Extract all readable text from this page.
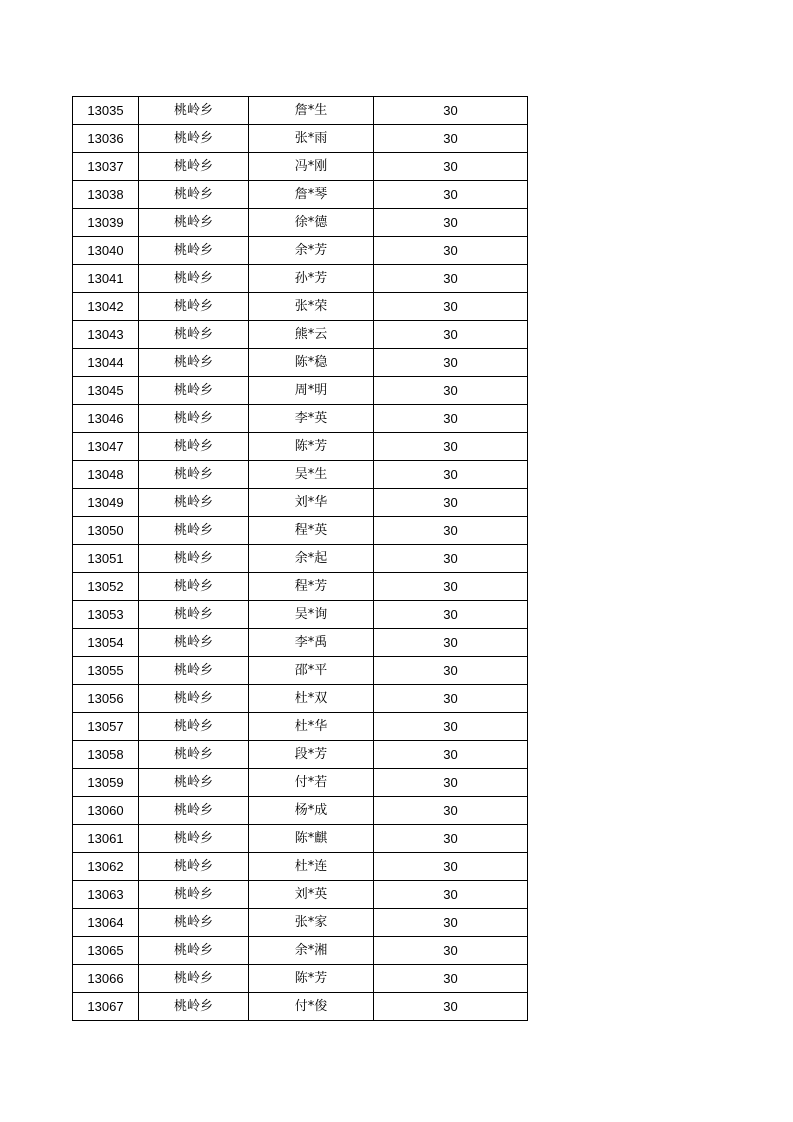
13035	桃岭乡	詹*生	30
13036	桃岭乡	张*雨	30
13037	桃岭乡	冯*刚	30
13038	桃岭乡	詹*琴	30
13039	桃岭乡	徐*德	30
13040	桃岭乡	余*芳	30
13041	桃岭乡	孙*芳	30
13042	桃岭乡	张*荣	30
13043	桃岭乡	熊*云	30
13044	桃岭乡	陈*稳	30
13045	桃岭乡	周*明	30
13046	桃岭乡	李*英	30
13047	桃岭乡	陈*芳	30
13048	桃岭乡	吴*生	30
13049	桃岭乡	刘*华	30
13050	桃岭乡	程*英	30
13051	桃岭乡	余*起	30
13052	桃岭乡	程*芳	30
13053	桃岭乡	吴*询	30
13054	桃岭乡	李*禹	30
13055	桃岭乡	邵*平	30
13056	桃岭乡	杜*双	30
13057	桃岭乡	杜*华	30
13058	桃岭乡	段*芳	30
13059	桃岭乡	付*若	30
13060	桃岭乡	杨*成	30
13061	桃岭乡	陈*麒	30
13062	桃岭乡	杜*连	30
13063	桃岭乡	刘*英	30
13064	桃岭乡	张*家	30
13065	桃岭乡	余*湘	30
13066	桃岭乡	陈*芳	30
13067	桃岭乡	付*俊	30
